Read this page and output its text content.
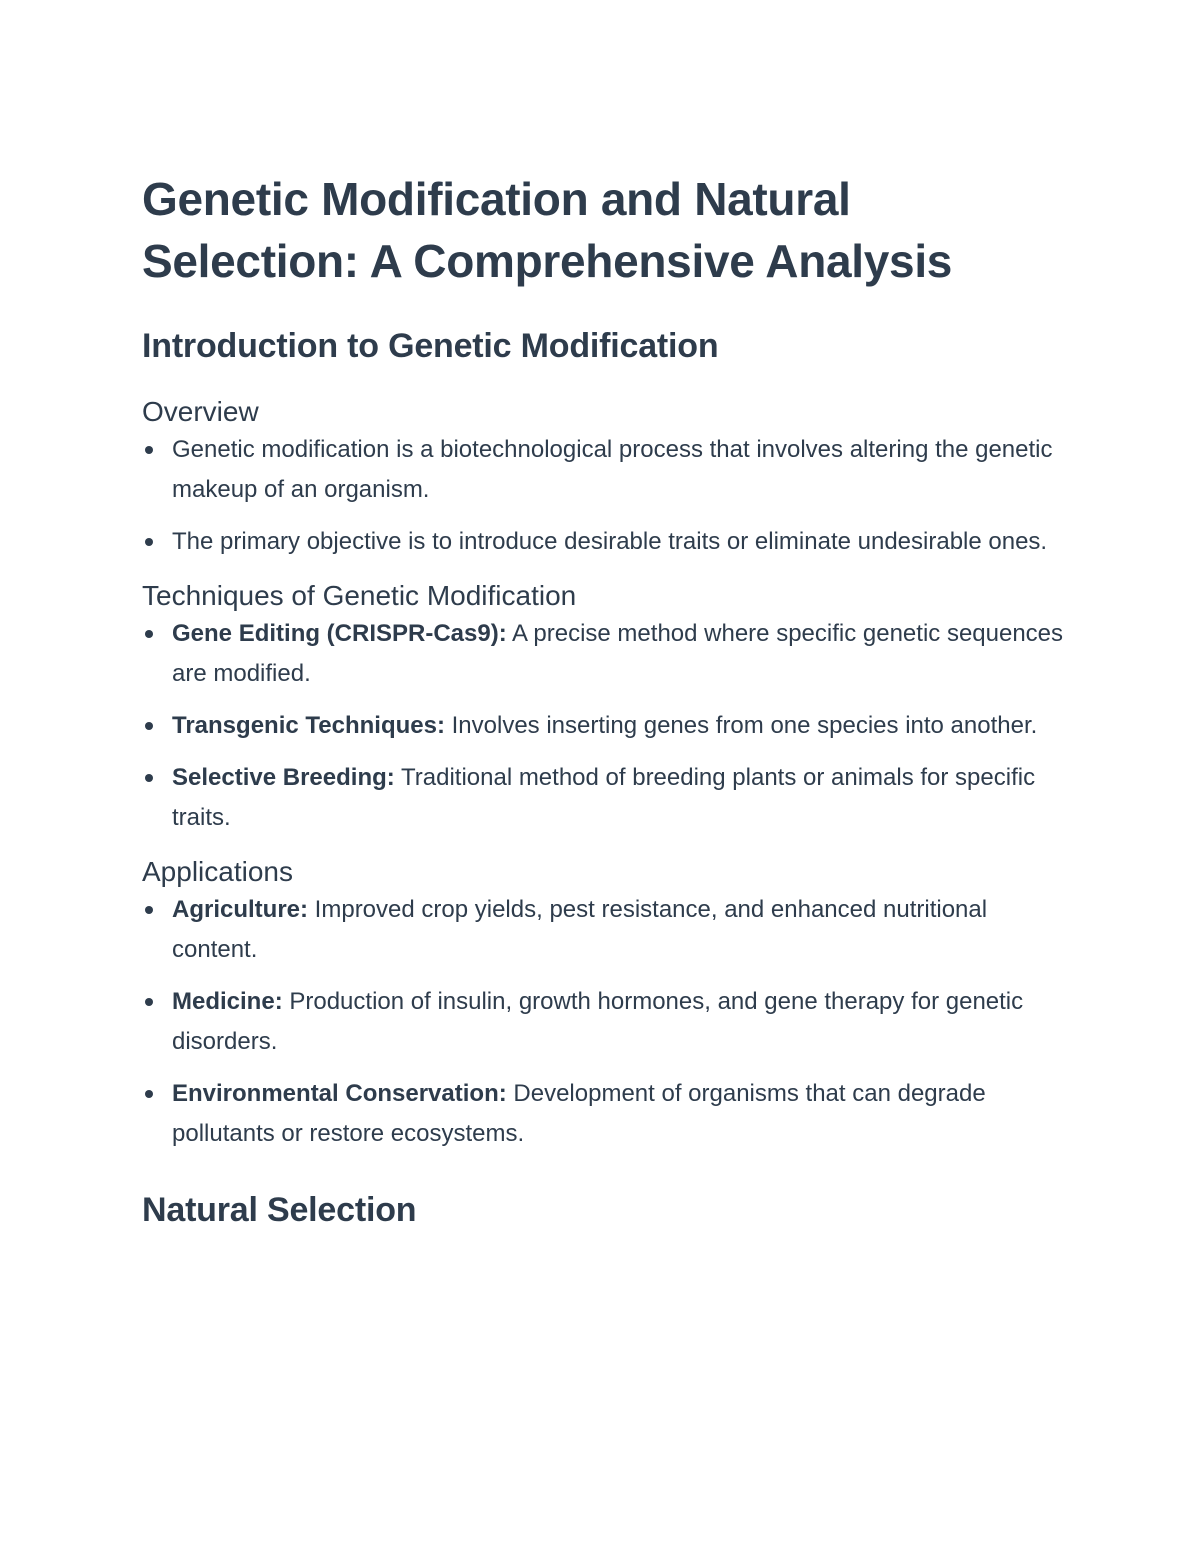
Genetic Modification and Natural Selection: A Comprehensive Analysis
Introduction to Genetic Modification
Overview
Genetic modification is a biotechnological process that involves altering the genetic makeup of an organism.
The primary objective is to introduce desirable traits or eliminate undesirable ones.
Techniques of Genetic Modification
Gene Editing (CRISPR-Cas9): A precise method where specific genetic sequences are modified.
Transgenic Techniques: Involves inserting genes from one species into another.
Selective Breeding: Traditional method of breeding plants or animals for specific traits.
Applications
Agriculture: Improved crop yields, pest resistance, and enhanced nutritional content.
Medicine: Production of insulin, growth hormones, and gene therapy for genetic disorders.
Environmental Conservation: Development of organisms that can degrade pollutants or restore ecosystems.
Natural Selection
